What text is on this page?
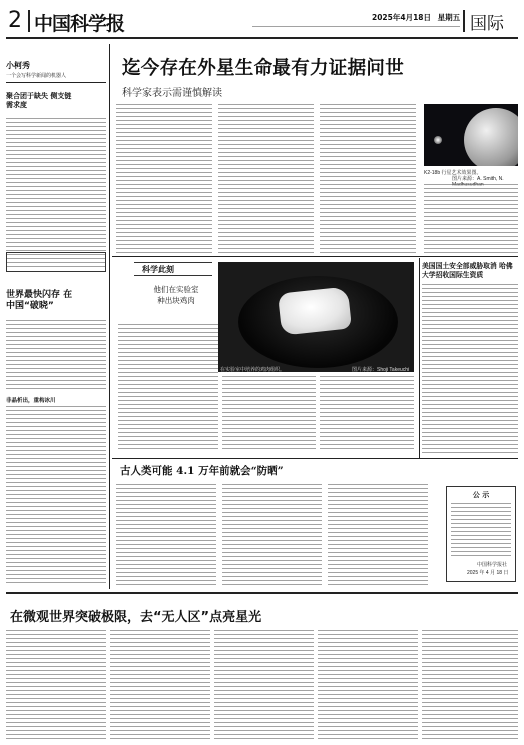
2 中国科学报	2025年4月18日 星期五 国际
小柯秀
一个会写科学新闻的机器人
聚合团于缺失 侧支链需求度
世界最快闪存 在中国“破晓”
非晶析出，重构冰川
迄今存在外星生命最有力证据问世
科学家表示需谨慎解读
K2-18b 行星艺术效果图。
图片来源：A. Smith, N.
科学此刻
他们在实验室
种出块鸡肉
在实验室中培养的鸡肉组织。	图片来源：Shoji Takeuchi
美国国土安全部威胁取消 哈佛大学招收国际生资质
古人类可能 4.1 万年前就会“防晒”
公 示
中国科学报社
2025 年 4 月 18 日
在微观世界突破极限，去“无人区”点亮星光
